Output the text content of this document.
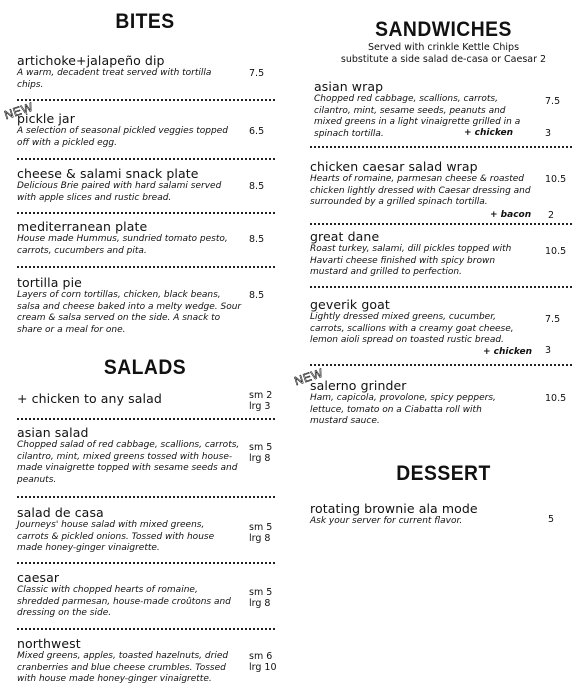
BITES
artichoke+jalapeño dip
A warm, decadent treat served with tortilla chips.
7.5
NEW
pickle jar
A selection of seasonal pickled veggies topped off with a pickled egg.
6.5
cheese & salami snack plate
Delicious Brie paired with hard salami served with apple slices and rustic bread.
8.5
mediterranean plate
House made Hummus, sundried tomato pesto, carrots, cucumbers and pita.
8.5
tortilla pie
Layers of corn tortillas, chicken, black beans, salsa and cheese baked into a melty wedge. Sour cream & salsa served on the side. A snack to share or a meal for one.
8.5
SALADS
+ chicken to any salad	sm 2
lrg 3
asian salad
Chopped salad of red cabbage, scallions, carrots, cilantro, mint, mixed greens tossed with house-made vinaigrette topped with sesame seeds and peanuts.
sm 5
lrg 8
salad de casa
Journeys' house salad with mixed greens, carrots & pickled onions. Tossed with house made honey-ginger vinaigrette.
sm 5
lrg 8
caesar
Classic with chopped hearts of romaine, shredded parmesan, house-made croûtons and dressing on the side.
sm 5
lrg 8
northwest
Mixed greens, apples, toasted hazelnuts, dried cranberries and blue cheese crumbles. Tossed with house made honey-ginger vinaigrette.
sm 6
lrg 10
SANDWICHES
Served with crinkle Kettle Chips
substitute a side salad de-casa or Caesar 2
asian wrap
Chopped red cabbage, scallions, carrots, cilantro, mint, sesame seeds, peanuts and mixed greens in a light vinaigrette grilled in a spinach tortilla.
7.5
+ chicken	3
chicken caesar salad wrap
Hearts of romaine, parmesan cheese & roasted chicken lightly dressed with Caesar dressing and surrounded by a grilled spinach tortilla.
10.5
+ bacon 2
great dane
Roast turkey, salami, dill pickles topped with Havarti cheese finished with spicy brown mustard and grilled to perfection.
10.5
geverik goat
Lightly dressed mixed greens, cucumber, carrots, scallions with a creamy goat cheese, lemon aioli spread on toasted rustic bread.
7.5
+ chicken 3
NEW
salerno grinder
Ham, capicola, provolone, spicy peppers, lettuce, tomato on a Ciabatta roll with mustard sauce.
10.5
DESSERT
rotating brownie ala mode
Ask your server for current flavor.	5
